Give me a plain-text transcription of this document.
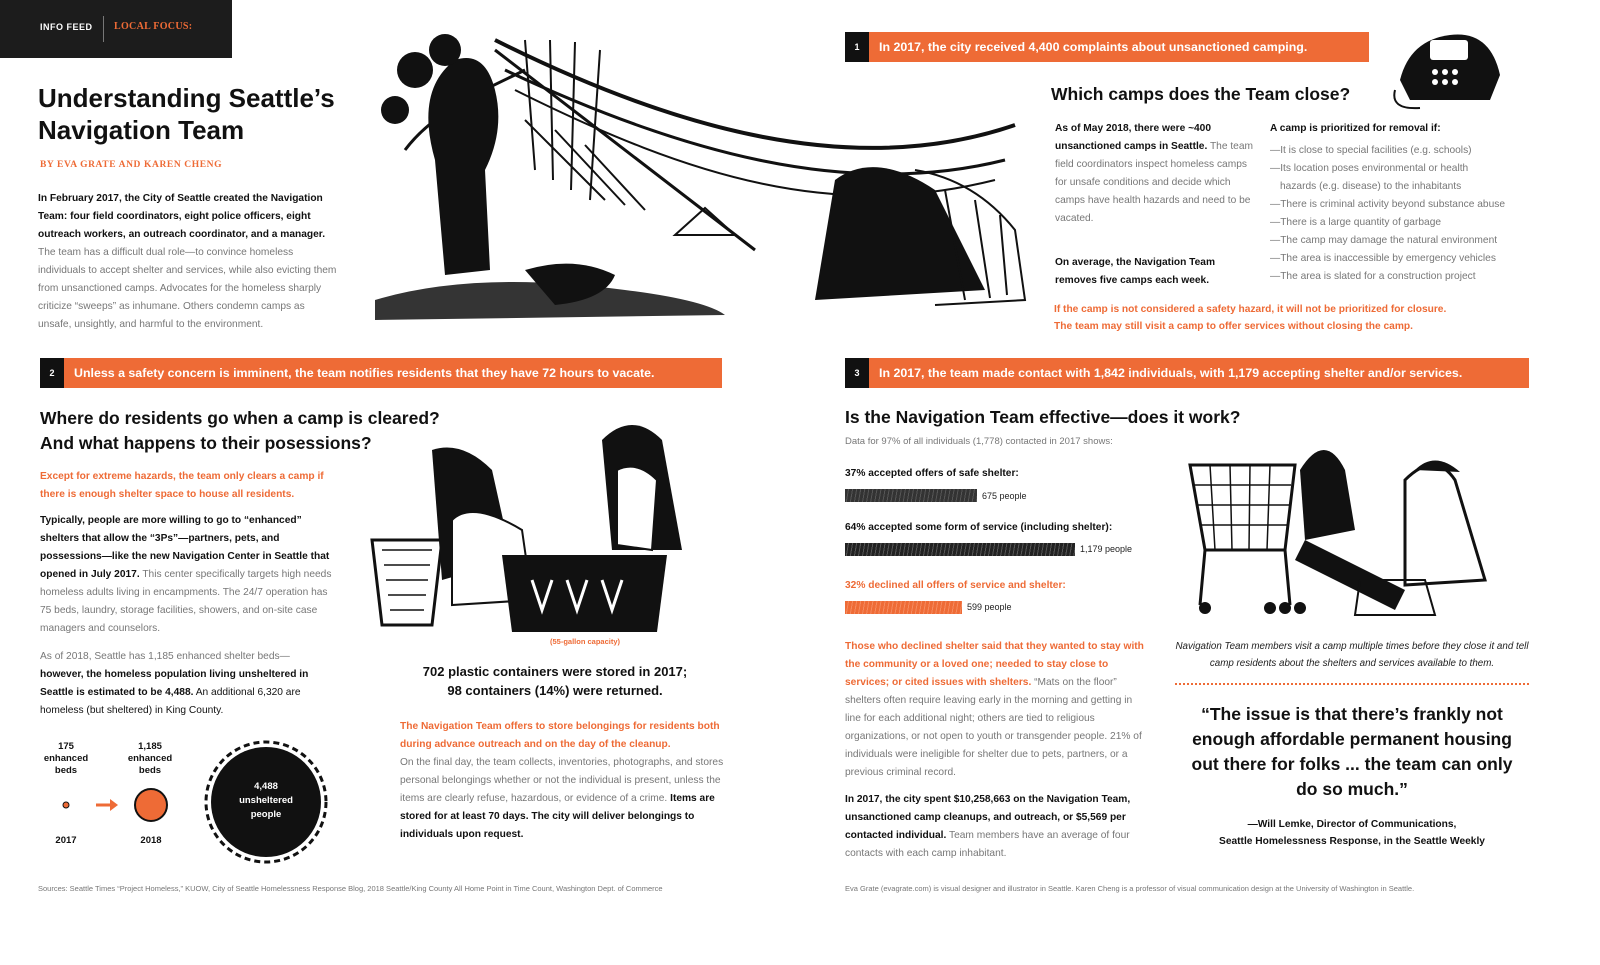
INFO FEED LOCAL FOCUS:
Understanding Seattle’s
Navigation Team
BY EVA GRATE AND KAREN CHENG
In February 2017, the City of Seattle created the Navigation Team: four field coordinators, eight police officers, eight outreach workers, an outreach coordinator, and a manager. The team has a difficult dual role—to convince homeless individuals to accept shelter and services, while also evicting them from unsanctioned camps. Advocates for the homeless sharply criticize “sweeps” as inhumane. Others condemn camps as unsafe, unsightly, and harmful to the environment.
1	In 2017, the city received 4,400 complaints about unsanctioned camping.
Which camps does the Team close?
As of May 2018, there were ~400 unsanctioned camps in Seattle. The team field coordinators inspect homeless camps for unsafe conditions and decide which camps have health hazards and need to be vacated.
On average, the Navigation Team removes five camps each week.
A camp is prioritized for removal if:
—It is close to special facilities (e.g. schools)
—Its location poses environmental or health
hazards (e.g. disease) to the inhabitants
—There is criminal activity beyond substance abuse
—There is a large quantity of garbage
—The camp may damage the natural environment
—The area is inaccessible by emergency vehicles
—The area is slated for a construction project
If the camp is not considered a safety hazard, it will not be prioritized for closure.
The team may still visit a camp to offer services without closing the camp.
2	Unless a safety concern is imminent, the team notifies residents that they have 72 hours to vacate.
Where do residents go when a camp is cleared?
And what happens to their posessions?
Except for extreme hazards, the team only clears a camp if there is enough shelter space to house all residents.
Typically, people are more willing to go to “enhanced” shelters that allow the “3Ps”—partners, pets, and possessions—like the new Navigation Center in Seattle that opened in July 2017. This center specifically targets high needs homeless adults living in encampments. The 24/7 operation has 75 beds, laundry, storage facilities, showers, and on-site case managers and counselors.
As of 2018, Seattle has 1,185 enhanced shelter beds— however, the homeless population living unsheltered in Seattle is estimated to be 4,488. An additional 6,320 are homeless (but sheltered) in King County.
175
enhanced beds
1,185
enhanced beds
2017	2018
4,488
unsheltered
people
(55-gallon capacity)
702 plastic containers were stored in 2017;
98 containers (14%) were returned.
The Navigation Team offers to store belongings for residents both during advance outreach and on the day of the cleanup.
On the final day, the team collects, inventories, photographs, and stores personal belongings whether or not the individual is present, unless the items are clearly refuse, hazardous, or evidence of a crime. Items are stored for at least 70 days. The city will deliver belongings to individuals upon request.
3	In 2017, the team made contact with 1,842 individuals, with 1,179 accepting shelter and/or services.
Is the Navigation Team effective—does it work?
Data for 97% of all individuals (1,778) contacted in 2017 shows:
37% accepted offers of safe shelter:
675 people
64% accepted some form of service (including shelter):
1,179 people
32% declined all offers of service and shelter:
599 people
Those who declined shelter said that they wanted to stay with the community or a loved one; needed to stay close to services; or cited issues with shelters. “Mats on the floor” shelters often require leaving early in the morning and getting in line for each additional night; others are tied to religious organizations, or not open to youth or transgender people. 21% of individuals were ineligible for shelter due to pets, partners, or a previous criminal record.
In 2017, the city spent $10,258,663 on the Navigation Team, unsanctioned camp cleanups, and outreach, or $5,569 per contacted individual. Team members have an average of four contacts with each camp inhabitant.
Navigation Team members visit a camp multiple times before they close it and tell camp residents about the shelters and services available to them.
“The issue is that there’s frankly not enough affordable permanent housing out there for folks ... the team can only do so much.”
—Will Lemke, Director of Communications,
Seattle Homelessness Response, in the Seattle Weekly
Sources: Seattle Times “Project Homeless,” KUOW, City of Seattle Homelessness Response Blog, 2018 Seattle/King County All Home Point in Time Count, Washington Dept. of Commerce	Eva Grate (evagrate.com) is visual designer and illustrator in Seattle. Karen Cheng is a professor of visual communication design at the University of Washington in Seattle.
